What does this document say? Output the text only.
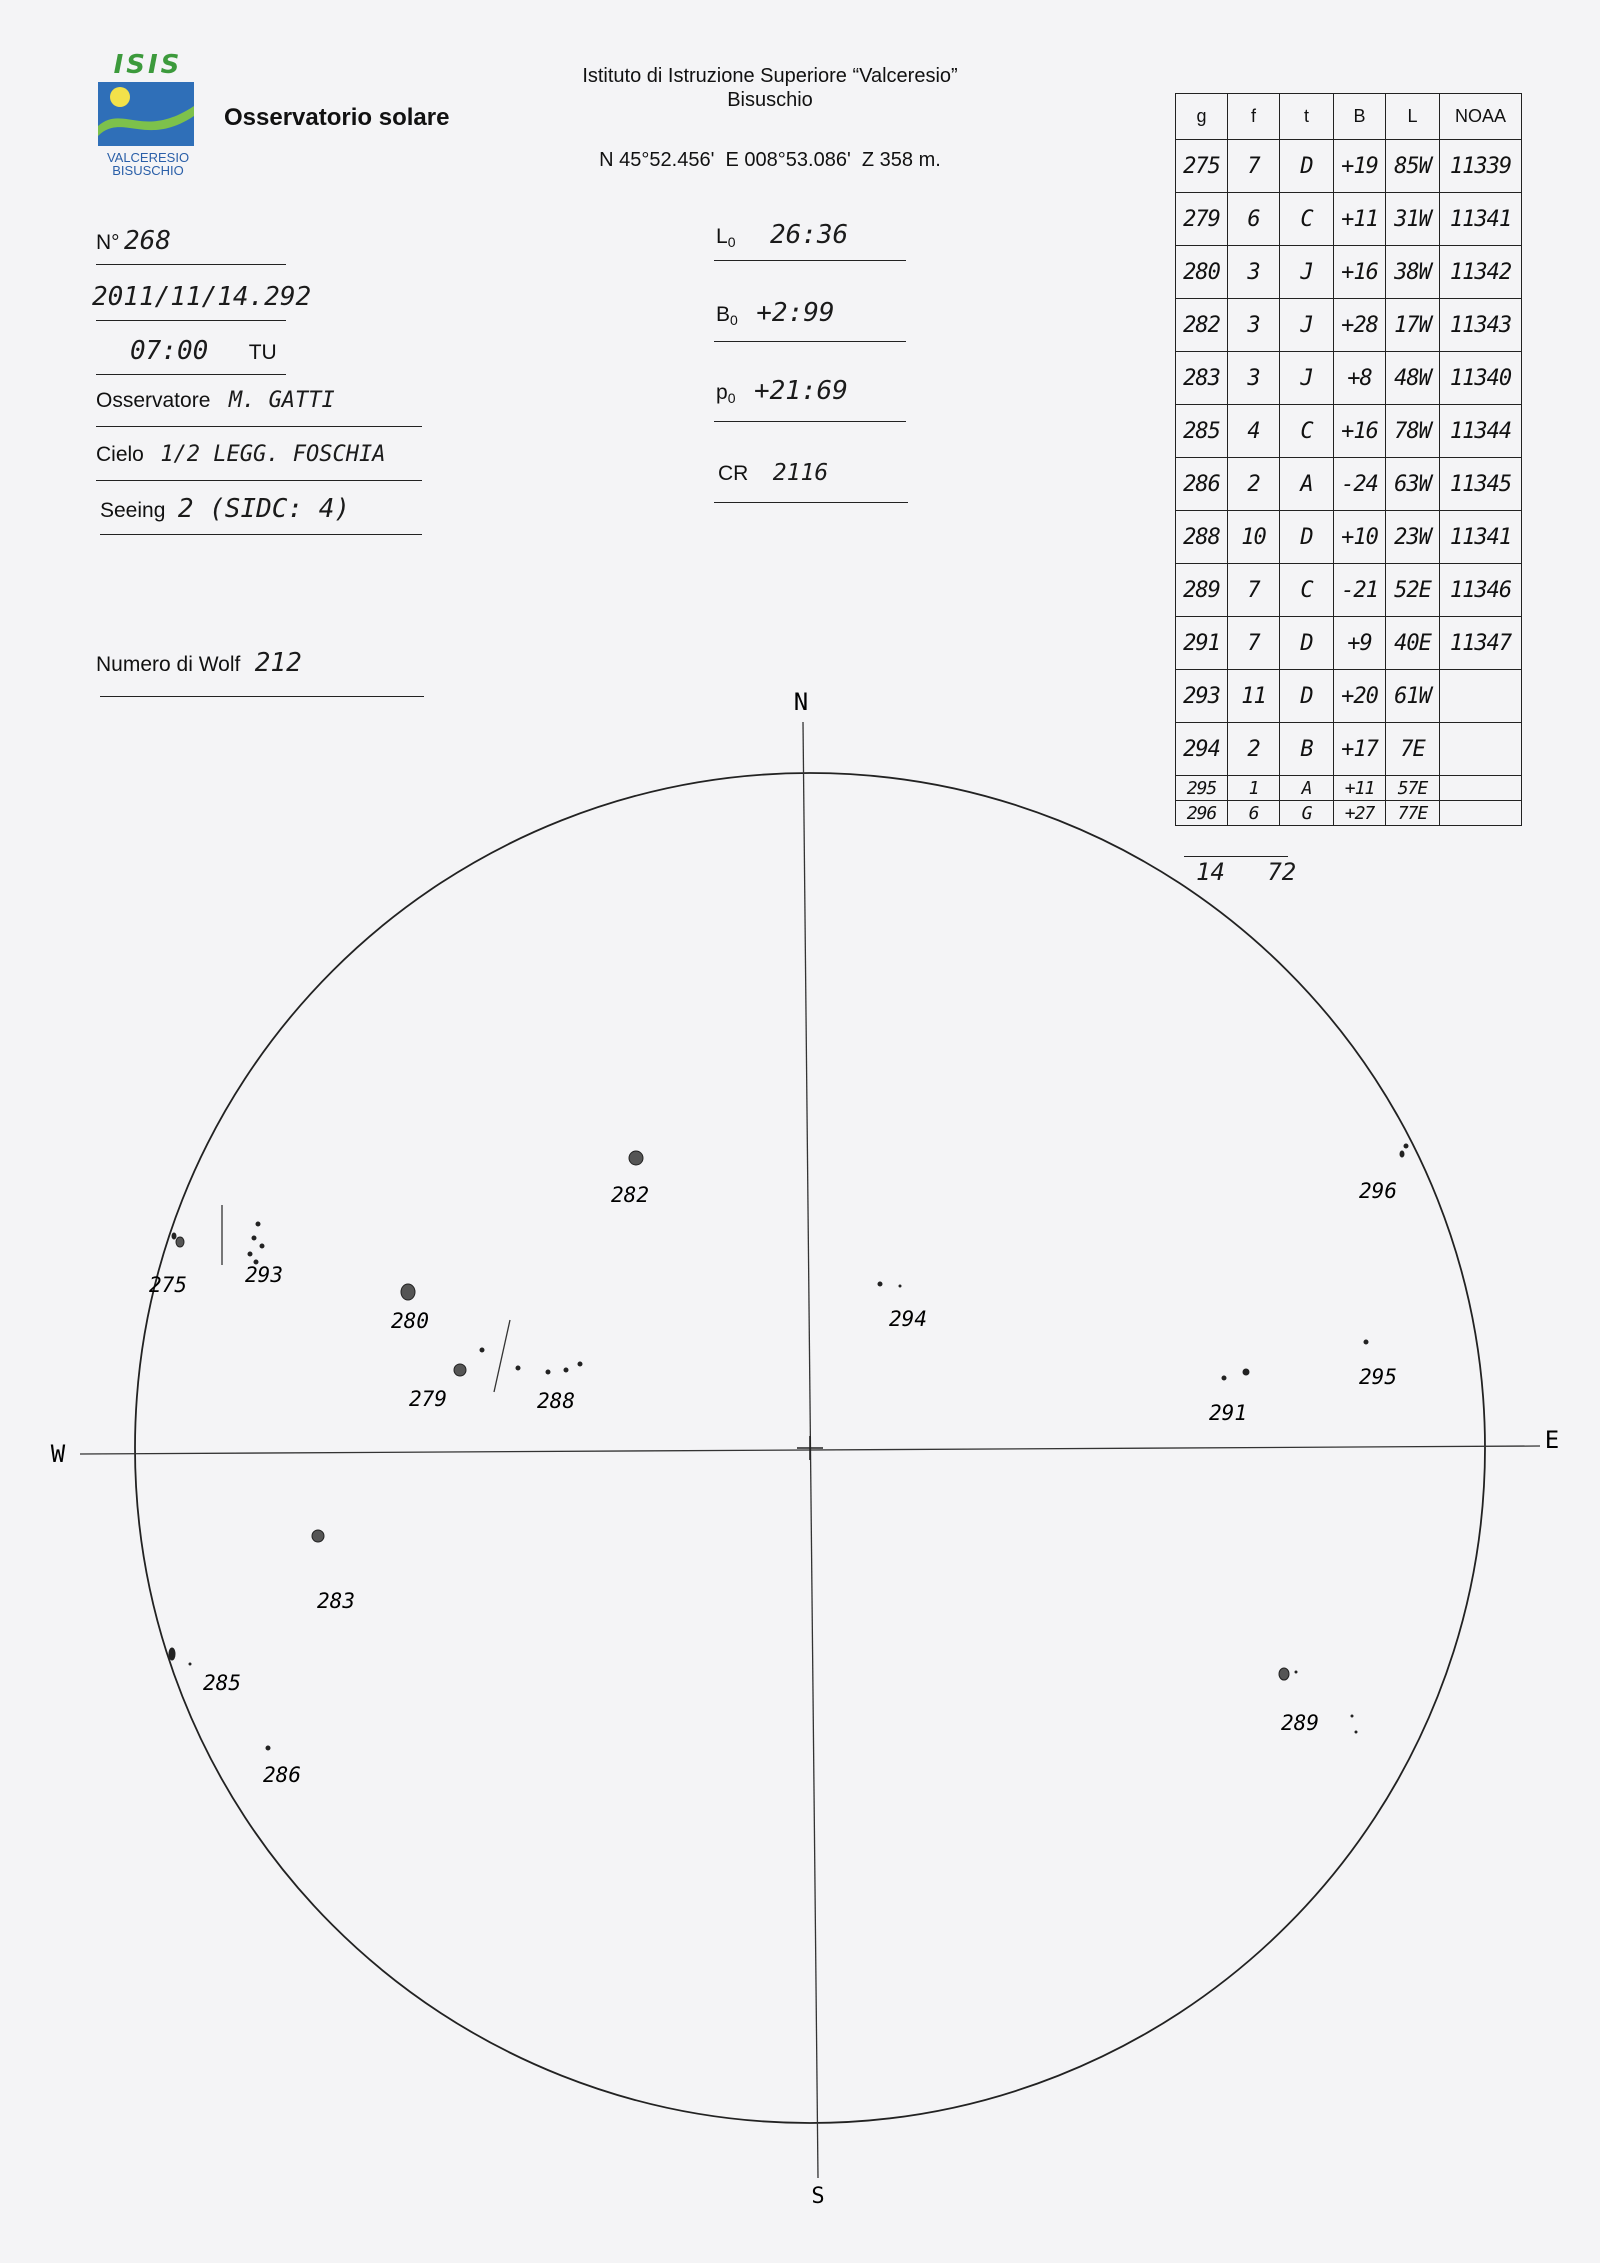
ISIS
VALCERESIO
BISUSCHIO
Osservatorio solare
Istituto di Istruzione Superiore “Valceresio”
Bisuschio
N 45°52.456'  E 008°53.086'  Z 358 m.
N° 268
2011/11/14.292
07:00 TU
Osservatore M. GATTI
Cielo 1/2 LEGG. FOSCHIA
Seeing 2 (SIDC: 4)
Numero di Wolf 212
$L_0$ 26:36
$B_0$ +2:99
$p_0$ +21:69
CR 2116
g	f	t	B	L	NOAA
275	7	D	+19	85W	11339
279	6	C	+11	31W	11341
280	3	J	+16	38W	11342
282	3	J	+28	17W	11343
283	3	J	+8	48W	11340
285	4	C	+16	78W	11344
286	2	A	-24	63W	11345
288	10	D	+10	23W	11341
289	7	C	-21	52E	11346
291	7	D	+9	40E	11347
293	11	D	+20	61W	
294	2	B	+17	7E	
295	1	A	+11	57E	
296	6	G	+27	77E	
14 72
N
S
W	E
275	293
282
280
279	288
294
296
295
291
283
285
286
289
